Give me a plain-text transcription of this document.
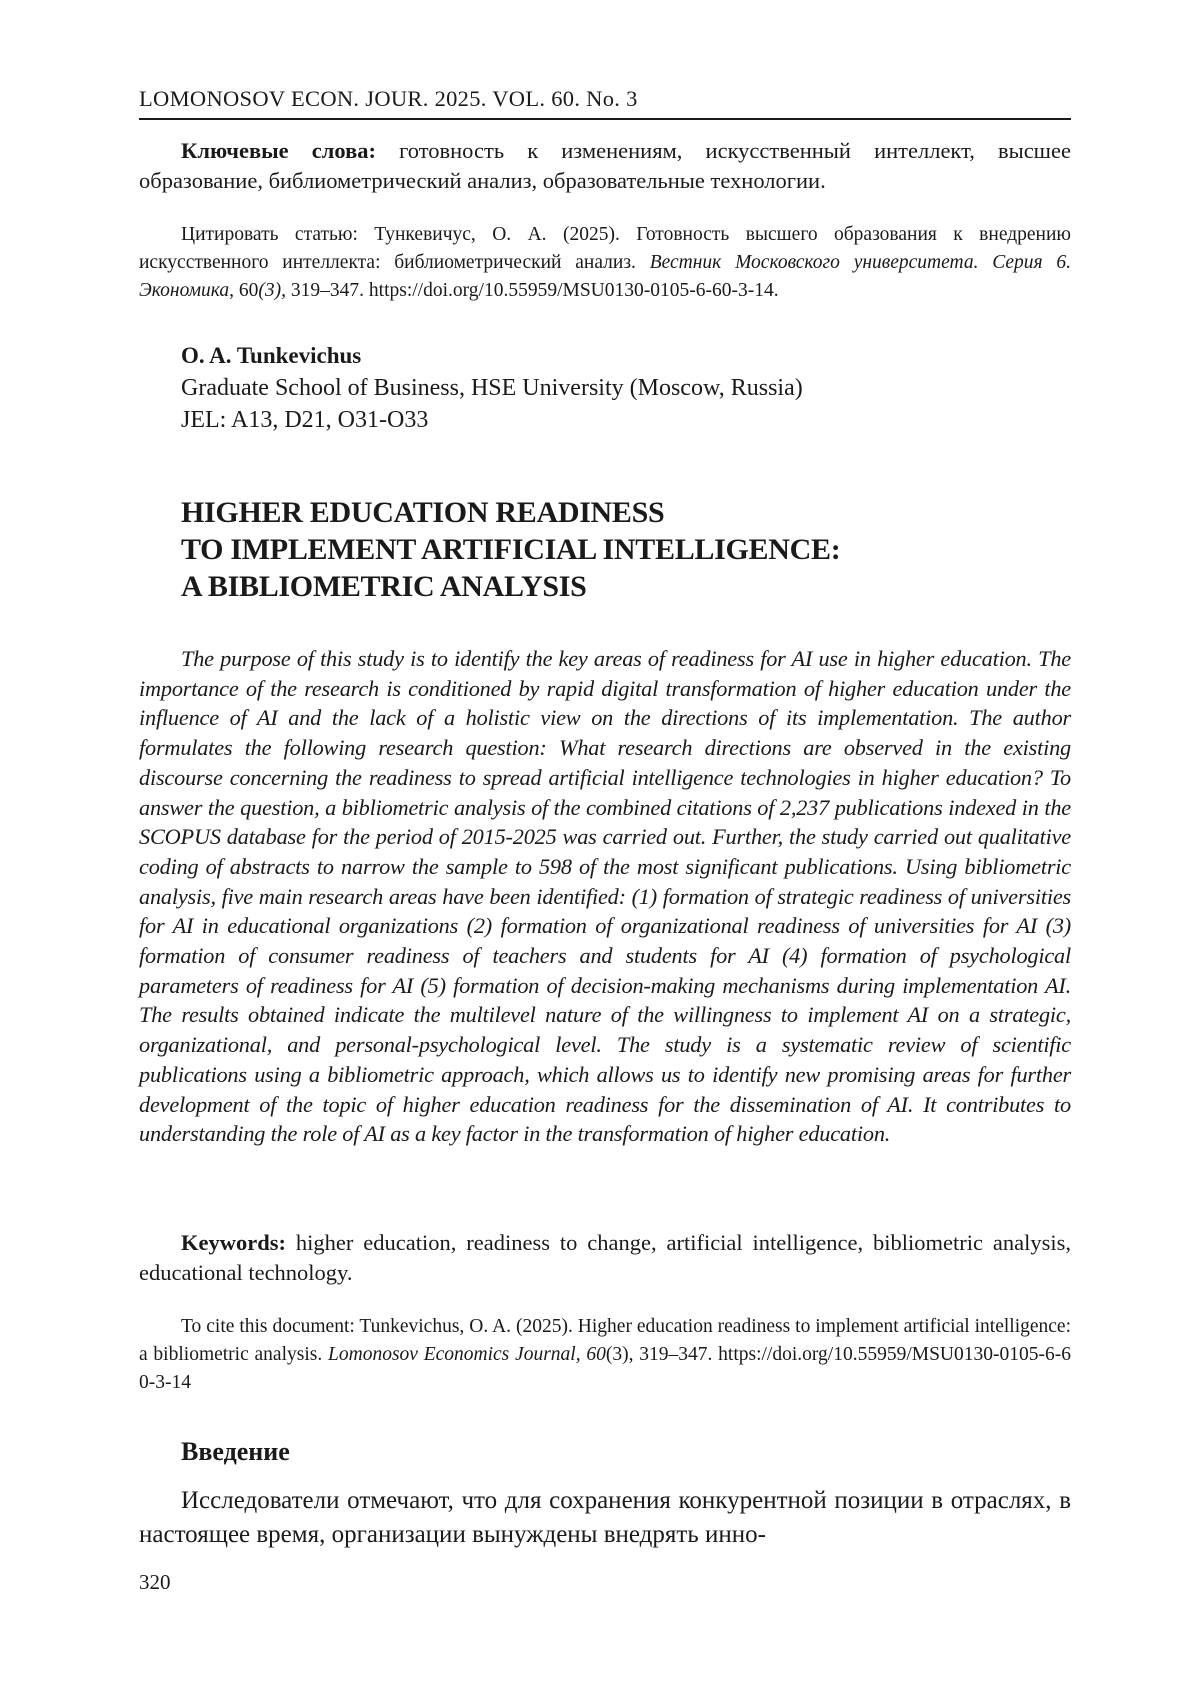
LOMONOSOV ECON. JOUR. 2025. VOL. 60. No. 3

Ключевые слова: готовность к изменениям, искусственный интеллект, высшее образование, библиометрический анализ, образовательные технологии.

Цитировать статью: Тункевичус, О. А. (2025). Готовность высшего образования к внедрению искусственного интеллекта: библиометрический анализ. Вестник Московского университета. Серия 6. Экономика, 60(3), 319–347. https://doi.org/10.55959/MSU0130-0105-6-60-3-14.

O. A. Tunkevichus
Graduate School of Business, HSE University (Moscow, Russia)
JEL: A13, D21, O31-O33
HIGHER EDUCATION READINESS
TO IMPLEMENT ARTIFICIAL INTELLIGENCE:
A BIBLIOMETRIC ANALYSIS

The purpose of this study is to identify the key areas of readiness for AI use in higher education. The importance of the research is conditioned by rapid digital transformation of higher education under the influence of AI and the lack of a holistic view on the directions of its implementation. The author formulates the following research question: What research directions are observed in the existing discourse concerning the readiness to spread artificial intelligence technologies in higher education? To answer the question, a bibliometric analysis of the combined citations of 2,237 publications indexed in the SCOPUS database for the period of 2015-2025 was carried out. Further, the study carried out qualitative coding of abstracts to narrow the sample to 598 of the most significant publications. Using bibliometric analysis, five main research areas have been identified: (1) formation of strategic readiness of universities for AI in educational organizations (2) formation of organizational readiness of universities for AI (3) formation of consumer readiness of teachers and students for AI (4) formation of psychological parameters of readiness for AI (5) formation of decision-making mechanisms during implementation AI. The results obtained indicate the multilevel nature of the willingness to implement AI on a strategic, organizational, and personal-psychological level. The study is a systematic review of scientific publications using a bibliometric approach, which allows us to identify new promising areas for further development of the topic of higher education readiness for the dissemination of AI. It contributes to understanding the role of AI as a key factor in the transformation of higher education.

Keywords: higher education, readiness to change, artificial intelligence, bibliometric analysis, educational technology.

To cite this document: Tunkevichus, O. A. (2025). Higher education readiness to implement artificial intelligence: a bibliometric analysis. Lomonosov Economics Journal, 60(3), 319–347. https://doi.org/10.55959/MSU0130-0105-6-60-3-14

Введение

Исследователи отмечают, что для сохранения конкурентной позиции в отраслях, в настоящее время, организации вынуждены внедрять инно-

320
